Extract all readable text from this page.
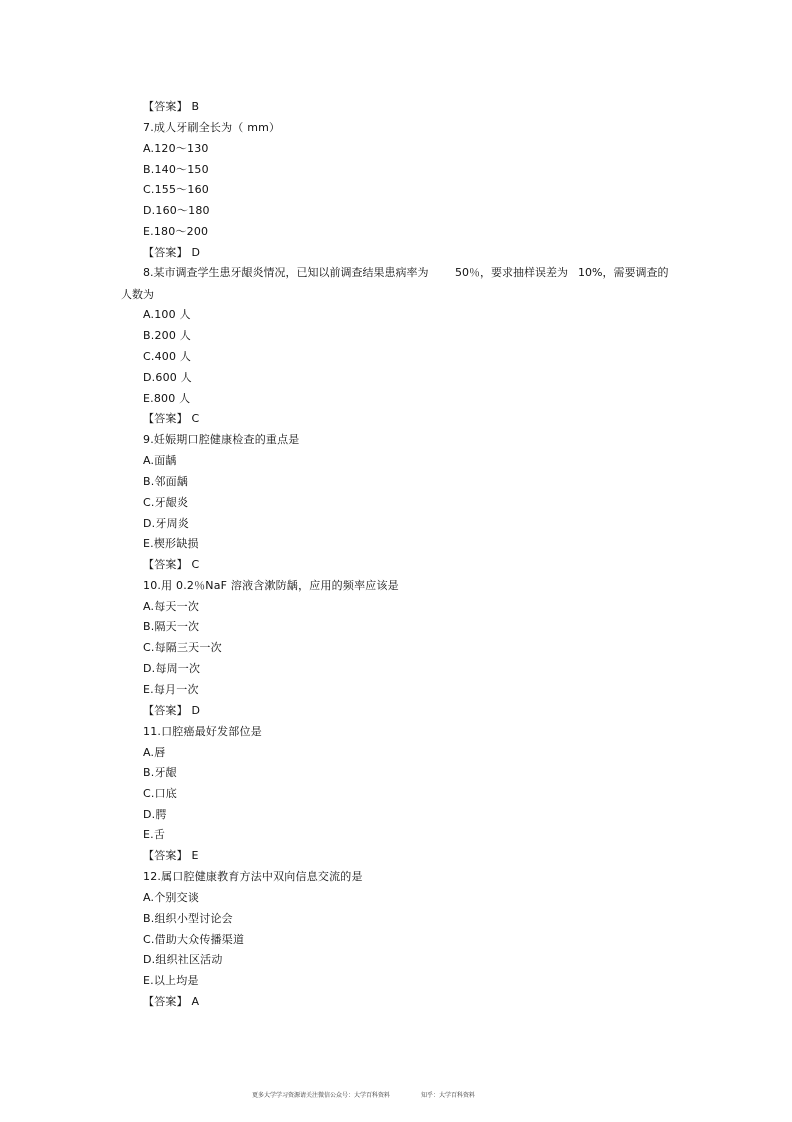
【答案】 B
7.成人牙刷全长为（ mm）
A.120～130
B.140～150
C.155～160
D.160～180
E.180～200
【答案】 D
8.某市调查学生患牙龈炎情况，已知以前调查结果患病率为 50％，要求抽样误差为 10%，需要调查的
人数为
A.100 人
B.200 人
C.400 人
D.600 人
E.800 人
【答案】 C
9.妊娠期口腔健康检查的重点是
A.面龋
B.邻面龋
C.牙龈炎
D.牙周炎
E.楔形缺损
【答案】 C
10.用 0.2％NaF 溶液含漱防龋，应用的频率应该是
A.每天一次
B.隔天一次
C.每隔三天一次
D.每周一次
E.每月一次
【答案】 D
11.口腔癌最好发部位是
A.唇
B.牙龈
C.口底
D.腭
E.舌
【答案】 E
12.属口腔健康教育方法中双向信息交流的是
A.个别交谈
B.组织小型讨论会
C.借助大众传播渠道
D.组织社区活动
E.以上均是
【答案】 A
更多大学学习资源请关注微信公众号：大学百科资料	知乎：大学百科资料
